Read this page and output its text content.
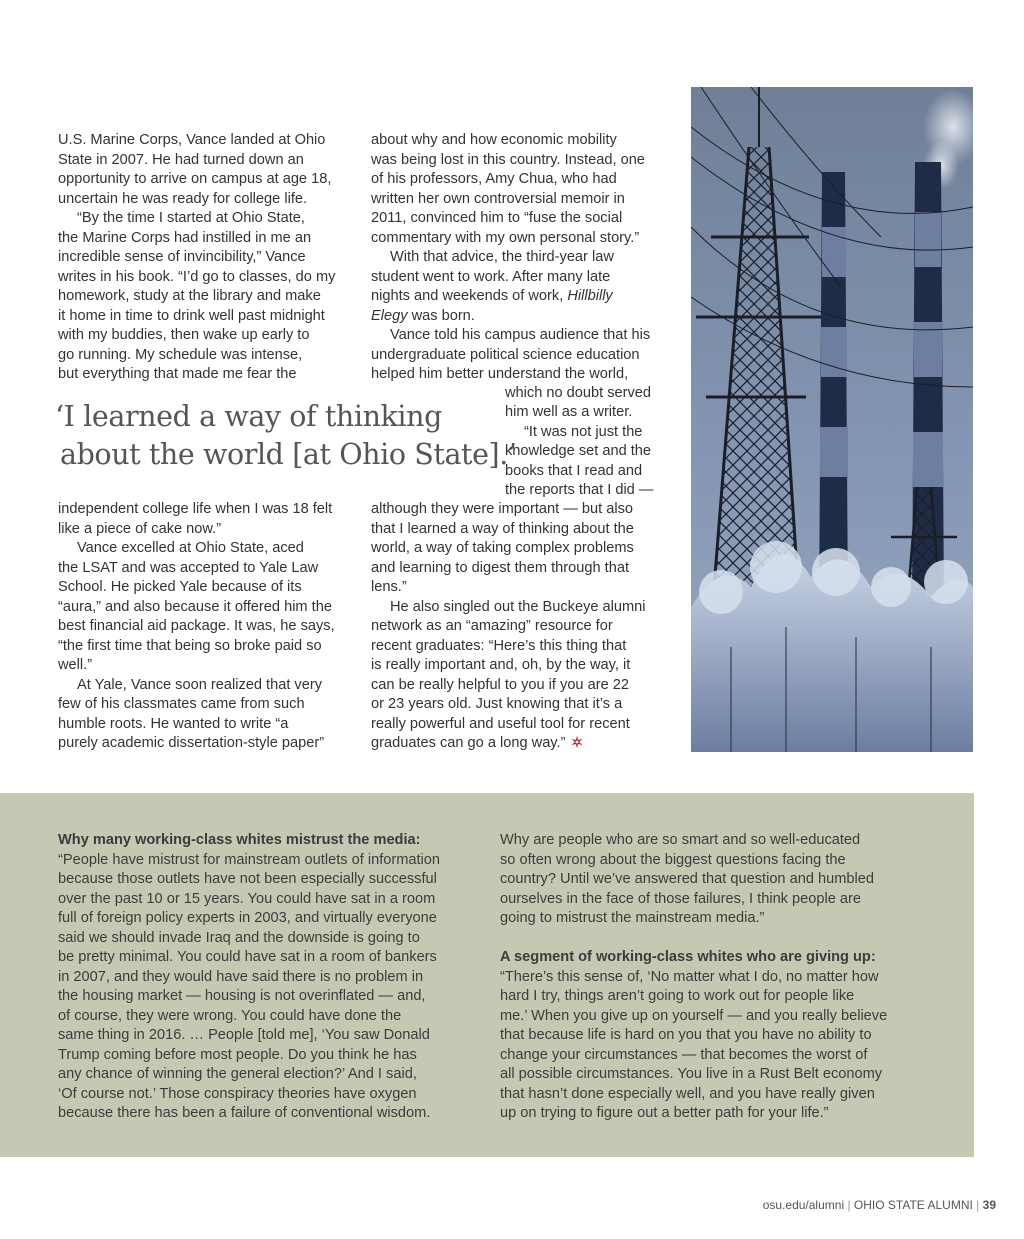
U.S. Marine Corps, Vance landed at Ohio
State in 2007. He had turned down an
opportunity to arrive on campus at age 18,
uncertain he was ready for college life.
“By the time I started at Ohio State,
the Marine Corps had instilled in me an
incredible sense of invincibility,” Vance
writes in his book. “I’d go to classes, do my
homework, study at the library and make
it home in time to drink well past midnight
with my buddies, then wake up early to
go running. My schedule was intense,
but everything that made me fear the
‘I learned a way of thinking
about the world [at Ohio State].’
independent college life when I was 18 felt
like a piece of cake now.”
Vance excelled at Ohio State, aced
the LSAT and was accepted to Yale Law
School. He picked Yale because of its
“aura,” and also because it offered him the
best financial aid package. It was, he says,
“the first time that being so broke paid so
well.”
At Yale, Vance soon realized that very
few of his classmates came from such
humble roots. He wanted to write “a
purely academic dissertation-style paper”
about why and how economic mobility
was being lost in this country. Instead, one
of his professors, Amy Chua, who had
written her own controversial memoir in
2011, convinced him to “fuse the social
commentary with my own personal story.”
With that advice, the third-year law
student went to work. After many late
nights and weekends of work, Hillbilly
Elegy was born.
Vance told his campus audience that his
undergraduate political science education
helped him better understand the world,
which no doubt served
him well as a writer.
“It was not just the
knowledge set and the
books that I read and
the reports that I did —
although they were important — but also
that I learned a way of thinking about the
world, a way of taking complex problems
and learning to digest them through that
lens.”
He also singled out the Buckeye alumni
network as an “amazing” resource for
recent graduates: “Here’s this thing that
is really important and, oh, by the way, it
can be really helpful to you if you are 22
or 23 years old. Just knowing that it’s a
really powerful and useful tool for recent
graduates can go a long way.”
Why many working-class whites mistrust the media:
“People have mistrust for mainstream outlets of information
because those outlets have not been especially successful
over the past 10 or 15 years. You could have sat in a room
full of foreign policy experts in 2003, and virtually everyone
said we should invade Iraq and the downside is going to
be pretty minimal. You could have sat in a room of bankers
in 2007, and they would have said there is no problem in
the housing market — housing is not overinflated — and,
of course, they were wrong. You could have done the
same thing in 2016. … People [told me], ‘You saw Donald
Trump coming before most people. Do you think he has
any chance of winning the general election?’ And I said,
‘Of course not.’ Those conspiracy theories have oxygen
because there has been a failure of conventional wisdom.
Why are people who are so smart and so well-educated
so often wrong about the biggest questions facing the
country? Until we’ve answered that question and humbled
ourselves in the face of those failures, I think people are
going to mistrust the mainstream media.”
A segment of working-class whites who are giving up:
“There’s this sense of, ‘No matter what I do, no matter how
hard I try, things aren’t going to work out for people like
me.’ When you give up on yourself — and you really believe
that because life is hard on you that you have no ability to
change your circumstances — that becomes the worst of
all possible circumstances. You live in a Rust Belt economy
that hasn’t done especially well, and you have really given
up on trying to figure out a better path for your life.”
osu.edu/alumni | OHIO STATE ALUMNI | 39
